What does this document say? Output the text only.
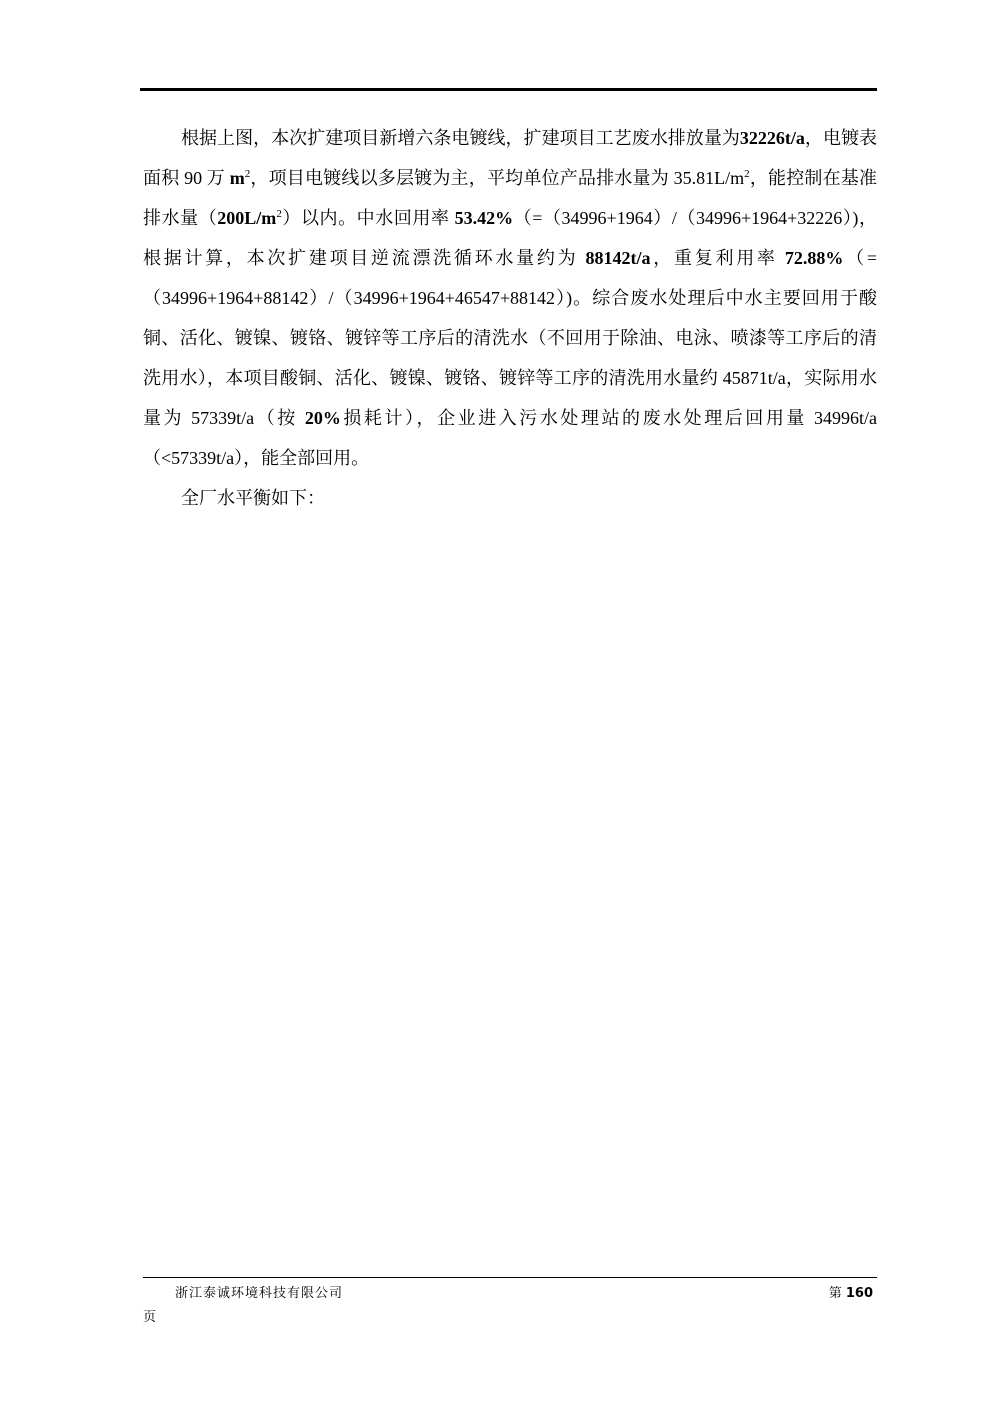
根据上图，本次扩建项目新增六条电镀线，扩建项目工艺废水排放量为32226t/a，电镀表面积 90 万 $m^2$，项目电镀线以多层镀为主，平均单位产品排水量为 $35.81L/m^2$，能控制在基准排水量$(200L/m^2)$以内。中水回用率 53.42%（=（34996+1964）/（34996+1964+32226）)，根据计算，本次扩建项目逆流漂洗循环水量约为 88142t/a，重复利用率 72.88%（=（34996+1964+88142）/（34996+1964+46547+88142）)。综合废水处理后中水主要回用于酸铜、活化、镀镍、镀铬、镀锌等工序后的清洗水（不回用于除油、电泳、喷漆等工序后的清洗用水），本项目酸铜、活化、镀镍、镀铬、镀锌等工序的清洗用水量约 45871t/a，实际用水量为 57339t/a（按 20%损耗计），企业进入污水处理站的废水处理后回用量 34996t/a（<57339t/a），能全部回用。

全厂水平衡如下：

浙江泰诚环境科技有限公司	第 160
页
